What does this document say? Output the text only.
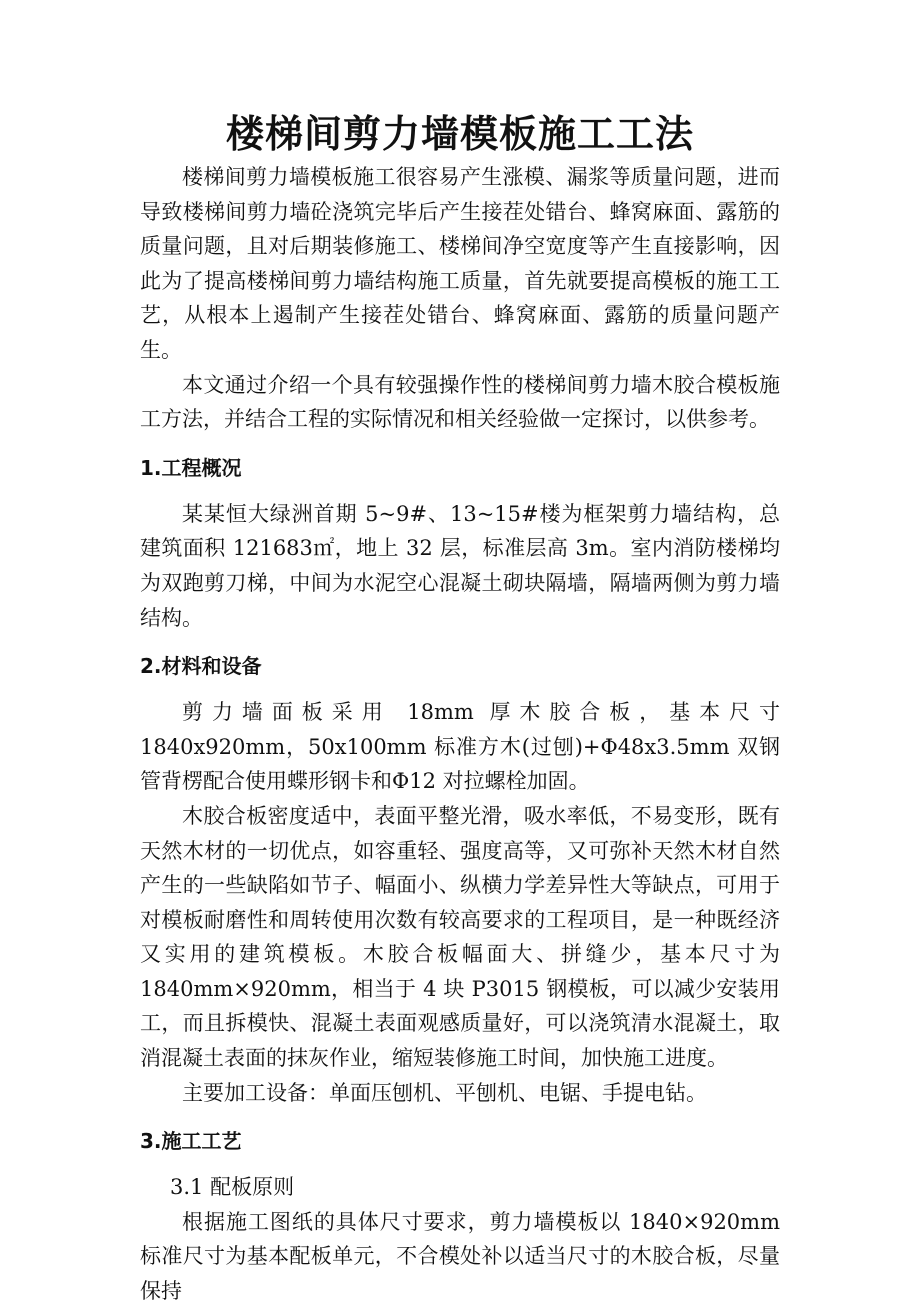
楼梯间剪力墙模板施工工法

楼梯间剪力墙模板施工很容易产生涨模、漏浆等质量问题，进而导致楼梯间剪力墙砼浇筑完毕后产生接茬处错台、蜂窝麻面、露筋的质量问题，且对后期装修施工、楼梯间净空宽度等产生直接影响，因此为了提高楼梯间剪力墙结构施工质量，首先就要提高模板的施工工艺，从根本上遏制产生接茬处错台、蜂窝麻面、露筋的质量问题产生。

本文通过介绍一个具有较强操作性的楼梯间剪力墙木胶合模板施工方法，并结合工程的实际情况和相关经验做一定探讨，以供参考。

1.工程概况

某某恒大绿洲首期 5~9#、13~15#楼为框架剪力墙结构，总建筑面积 121683㎡，地上 32 层，标准层高 3m。室内消防楼梯均为双跑剪刀梯，中间为水泥空心混凝土砌块隔墙，隔墙两侧为剪力墙结构。

2.材料和设备

剪力墙面板采用 18mm 厚木胶合板，基本尺寸 1840x920mm，50x100mm 标准方木(过刨)+Φ48x3.5mm 双钢管背楞配合使用蝶形钢卡和Φ12 对拉螺栓加固。

木胶合板密度适中，表面平整光滑，吸水率低，不易变形，既有天然木材的一切优点，如容重轻、强度高等，又可弥补天然木材自然产生的一些缺陷如节子、幅面小、纵横力学差异性大等缺点，可用于对模板耐磨性和周转使用次数有较高要求的工程项目，是一种既经济又实用的建筑模板。木胶合板幅面大、拼缝少，基本尺寸为 1840mm×920mm，相当于 4 块 P3015 钢模板，可以减少安装用工，而且拆模快、混凝土表面观感质量好，可以浇筑清水混凝土，取消混凝土表面的抹灰作业，缩短装修施工时间，加快施工进度。

主要加工设备：单面压刨机、平刨机、电锯、手提电钻。

3.施工工艺

3.1 配板原则

根据施工图纸的具体尺寸要求，剪力墙模板以 1840×920mm 标准尺寸为基本配板单元，不合模处补以适当尺寸的木胶合板，尽量保持
